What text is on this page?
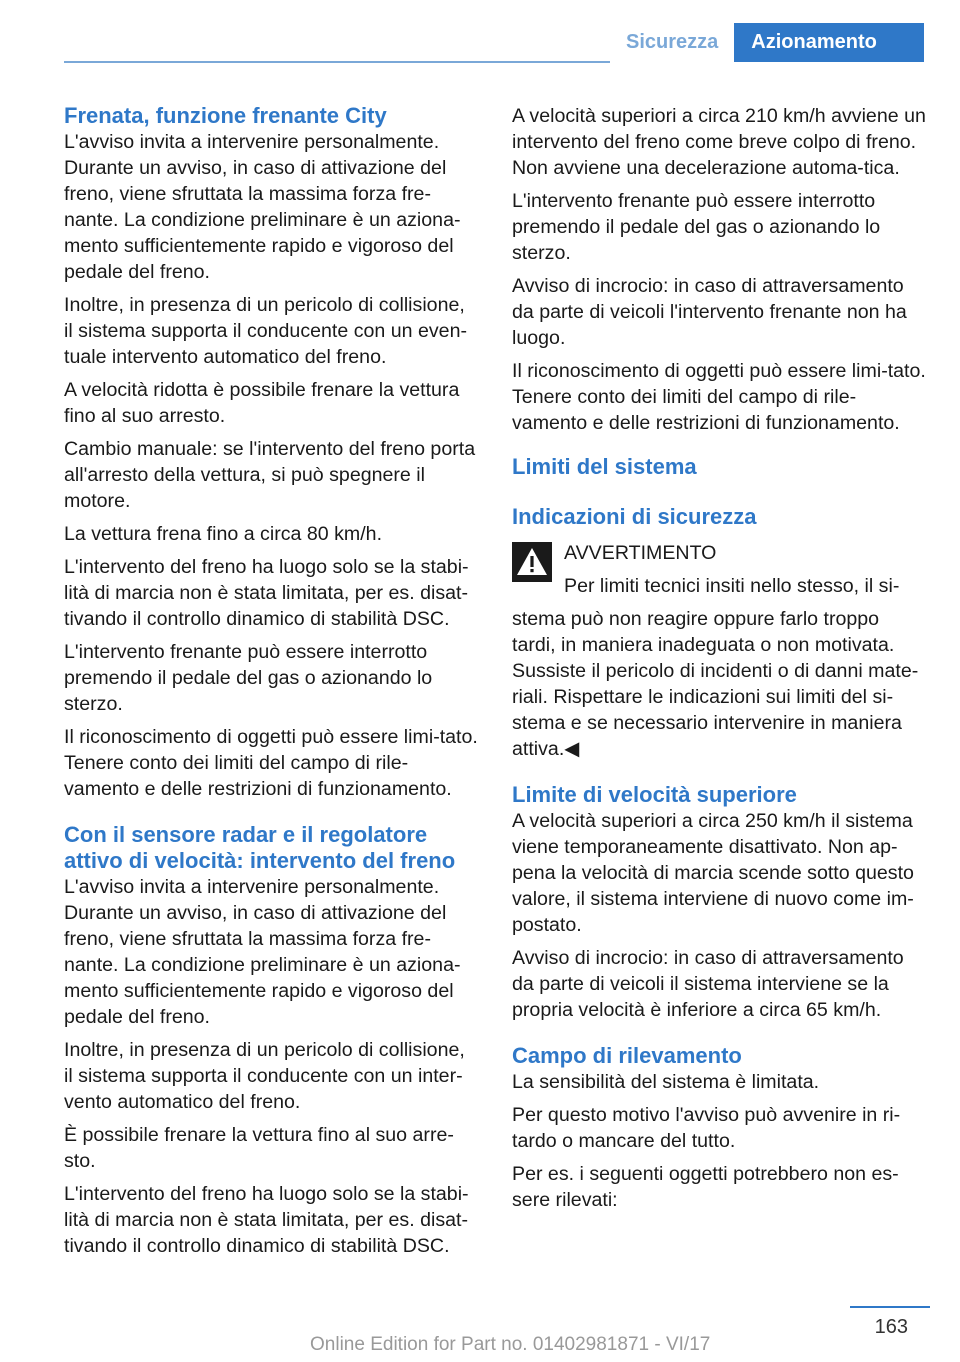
Sicurezza	Azionamento
Frenata, funzione frenante City

L'avviso invita a intervenire personalmente. Durante un avviso, in caso di attivazione del freno, viene sfruttata la massima forza fre‐nante. La condizione preliminare è un aziona‐mento sufficientemente rapido e vigoroso del pedale del freno.

Inoltre, in presenza di un pericolo di collisione, il sistema supporta il conducente con un even‐tuale intervento automatico del freno.

A velocità ridotta è possibile frenare la vettura fino al suo arresto.

Cambio manuale: se l'intervento del freno porta all'arresto della vettura, si può spegnere il motore.

La vettura frena fino a circa 80 km/h.

L'intervento del freno ha luogo solo se la stabi‐lità di marcia non è stata limitata, per es. disat‐tivando il controllo dinamico di stabilità DSC.

L'intervento frenante può essere interrotto premendo il pedale del gas o azionando lo sterzo.

Il riconoscimento di oggetti può essere limi‐tato. Tenere conto dei limiti del campo di rile‐vamento e delle restrizioni di funzionamento.

Con il sensore radar e il regolatore attivo di velocità: intervento del freno

L'avviso invita a intervenire personalmente. Durante un avviso, in caso di attivazione del freno, viene sfruttata la massima forza fre‐nante. La condizione preliminare è un aziona‐mento sufficientemente rapido e vigoroso del pedale del freno.

Inoltre, in presenza di un pericolo di collisione, il sistema supporta il conducente con un inter‐vento automatico del freno.

È possibile frenare la vettura fino al suo arre‐sto.

L'intervento del freno ha luogo solo se la stabi‐lità di marcia non è stata limitata, per es. disat‐tivando il controllo dinamico di stabilità DSC.

A velocità superiori a circa 210 km/h avviene un intervento del freno come breve colpo di freno. Non avviene una decelerazione automa‐tica.

L'intervento frenante può essere interrotto premendo il pedale del gas o azionando lo sterzo.

Avviso di incrocio: in caso di attraversamento da parte di veicoli l'intervento frenante non ha luogo.

Il riconoscimento di oggetti può essere limi‐tato. Tenere conto dei limiti del campo di rile‐vamento e delle restrizioni di funzionamento.

Limiti del sistema
Indicazioni di sicurezza

AVVERTIMENTO

Per limiti tecnici insiti nello stesso, il si‐

stema può non reagire oppure farlo troppo tardi, in maniera inadeguata o non motivata. Sussiste il pericolo di incidenti o di danni mate‐riali. Rispettare le indicazioni sui limiti del si‐stema e se necessario intervenire in maniera attiva.◀

Limite di velocità superiore

A velocità superiori a circa 250 km/h il sistema viene temporaneamente disattivato. Non ap‐pena la velocità di marcia scende sotto questo valore, il sistema interviene di nuovo come im‐postato.

Avviso di incrocio: in caso di attraversamento da parte di veicoli il sistema interviene se la propria velocità è inferiore a circa 65 km/h.

Campo di rilevamento

La sensibilità del sistema è limitata.

Per questo motivo l'avviso può avvenire in ri‐tardo o mancare del tutto.

Per es. i seguenti oggetti potrebbero non es‐sere rilevati:

163
Online Edition for Part no. 01402981871 - VI/17
